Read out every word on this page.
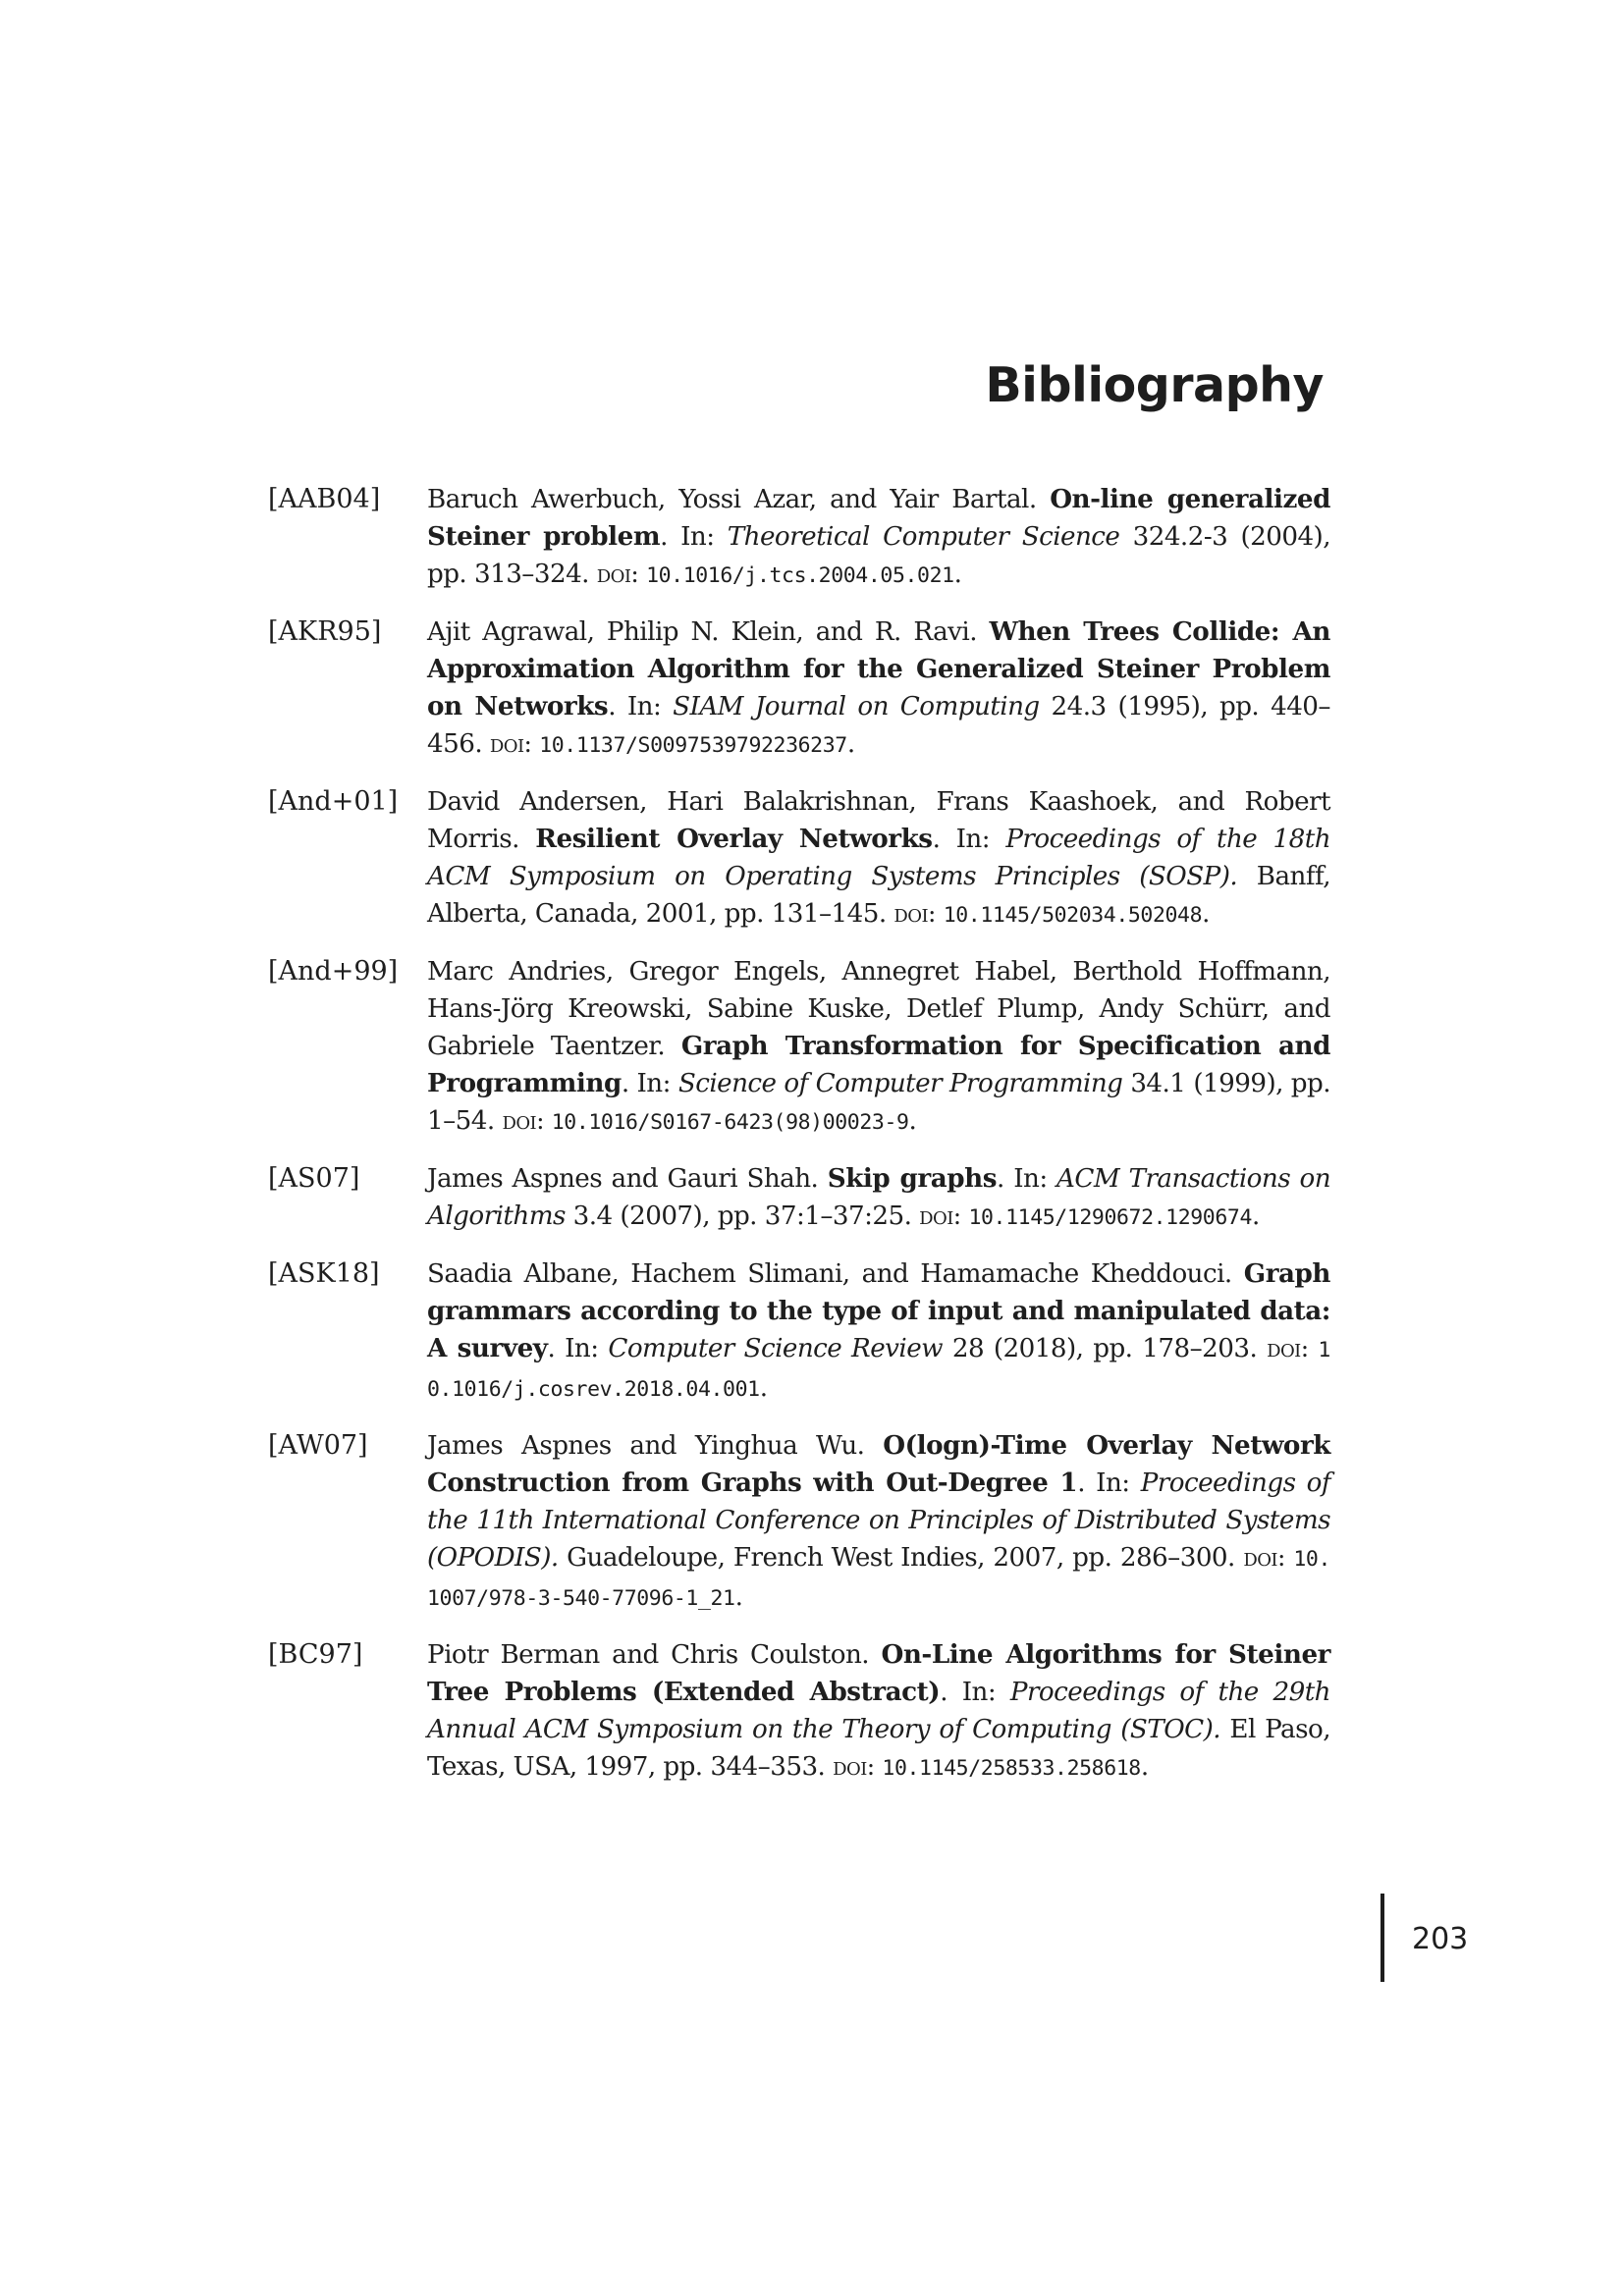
Bibliography
[AAB04]	Baruch Awerbuch, Yossi Azar, and Yair Bartal. On-line generalized Steiner problem. In: Theoretical Computer Science 324.2-3 (2004), pp. 313–324. doi: 10.1016/j.tcs.2004.05.021.
[AKR95]	Ajit Agrawal, Philip N. Klein, and R. Ravi. When Trees Collide: An Approximation Algorithm for the Generalized Steiner Problem on Networks. In: SIAM Journal on Computing 24.3 (1995), pp. 440–456. doi: 10.1137/S0097539792236237.
[And+01]	David Andersen, Hari Balakrishnan, Frans Kaashoek, and Robert Morris. Resilient Overlay Networks. In: Proceedings of the 18th ACM Symposium on Operating Systems Principles (SOSP). Banff, Alberta, Canada, 2001, pp. 131–145. doi: 10.1145/502034.502048.
[And+99]	Marc Andries, Gregor Engels, Annegret Habel, Berthold Hoffmann, Hans-Jörg Kreowski, Sabine Kuske, Detlef Plump, Andy Schürr, and Gabriele Taentzer. Graph Transformation for Specification and Programming. In: Science of Computer Programming 34.1 (1999), pp. 1–54. doi: 10.1016/S0167-6423(98)00023-9.
[AS07]	James Aspnes and Gauri Shah. Skip graphs. In: ACM Transactions on Algorithms 3.4 (2007), pp. 37:1–37:25. doi: 10.1145/1290672.1290674.
[ASK18]	Saadia Albane, Hachem Slimani, and Hamamache Kheddouci. Graph grammars according to the type of input and manipulated data: A survey. In: Computer Science Review 28 (2018), pp. 178–203. doi: 10.1016/j.cosrev.2018.04.001.
[AW07]	James Aspnes and Yinghua Wu. O(logn)-Time Overlay Network Construction from Graphs with Out-Degree 1. In: Proceedings of the 11th International Conference on Principles of Distributed Systems (OPODIS). Guadeloupe, French West Indies, 2007, pp. 286–300. doi: 10.1007/978-3-540-77096-1_21.
[BC97]	Piotr Berman and Chris Coulston. On-Line Algorithms for Steiner Tree Problems (Extended Abstract). In: Proceedings of the 29th Annual ACM Symposium on the Theory of Computing (STOC). El Paso, Texas, USA, 1997, pp. 344–353. doi: 10.1145/258533.258618.
203
